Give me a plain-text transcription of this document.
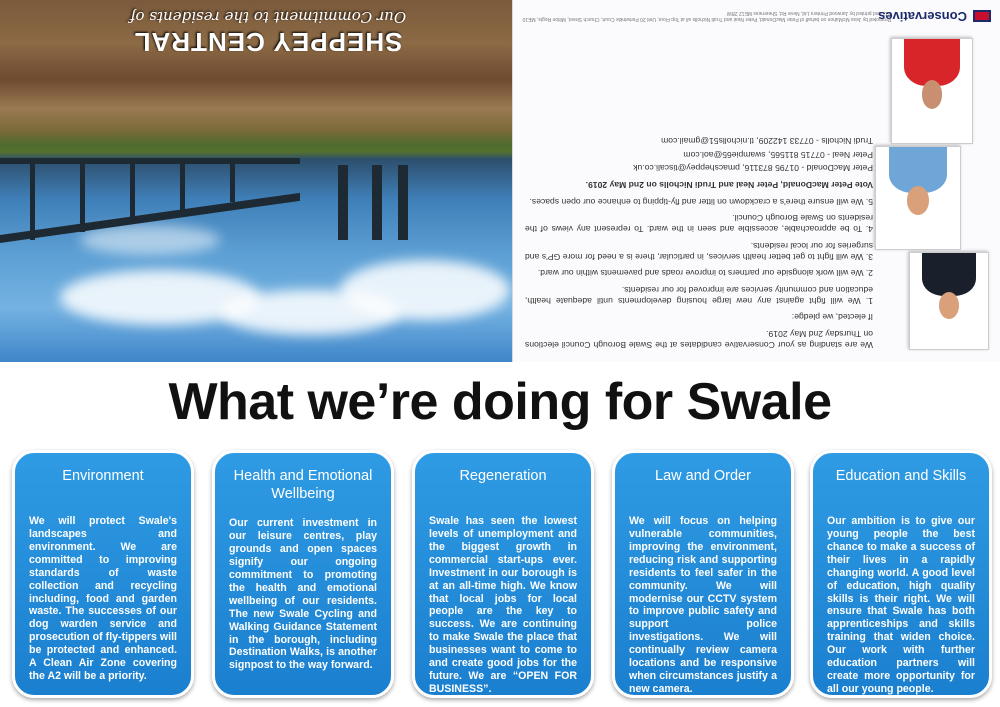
SHEPPEY CENTRAL
Our Commitment to the residents of

We are standing as your Conservative candidates at the Swale Borough Council elections on Thursday 2nd May 2019.

If elected, we pledge:

1. We will fight against any new large housing developments until adequate health, education and community services are improved for our residents.

2. We will work alongside our partners to improve roads and pavements within our ward.

3. We will fight to get better health services, in particular, there is a need for more GP's and surgeries for our local residents.

4. To be approachable, accessible and seen in the ward. To represent any views of the residents on Swale Borough Council.

5. We will ensure there's a crackdown on litter and fly-tipping to enhance our open spaces.

Vote Peter MacDonald, Peter Neal and Trudi Nicholls on 2nd May 2019.

Peter MacDonald - 01795 873116, pmacsheppey@tiscali.co.uk
Peter Neal - 07715 811565, swampie65@aol.com
Trudi Nicholls - 07733 142209, tl.nicholls51@gmail.com
Promoted by Jess McMahon on behalf of Peter MacDonald, Peter Neal and Trudi Nicholls all at Top Floor, Unit 20 Periwinkle Court, Church Street, Milton Regis, ME10 2JZ and printed by Jarwood Printers Ltd, Neve Rd, Sheerness ME12 2BW
Conservatives
What we’re doing for Swale
Environment

We will protect Swale's landscapes and environment. We are committed to improving standards of waste collection and recycling including, food and garden waste. The successes of our dog warden service and prosecution of fly-tippers will be protected and enhanced. A Clean Air Zone covering the A2 will be a priority.

Health and Emotional Wellbeing

Our current investment in our leisure centres, play grounds and open spaces signify our ongoing commitment to promoting the health and emotional wellbeing of our residents. The new Swale Cycling and Walking Guidance Statement in the borough, including Destination Walks, is another signpost to the way forward.

Regeneration

Swale has seen the lowest levels of unemployment and the biggest growth in commercial start-ups ever. Investment in our borough is at an all-time high. We know that local jobs for local people are the key to success. We are continuing to make Swale the place that businesses want to come to and create good jobs for the future. We are “OPEN FOR BUSINESS”.

Law and Order

We will focus on helping vulnerable communities, improving the environment, reducing risk and supporting residents to feel safer in the community. We will modernise our CCTV system to improve public safety and support police investigations. We will continually review camera locations and be responsive when circumstances justify a new camera.

Education and Skills

Our ambition is to give our young people the best chance to make a success of their lives in a rapidly changing world. A good level of education, high quality skills is their right. We will ensure that Swale has both apprenticeships and skills training that widen choice. Our work with further education partners will create more opportunity for all our young people.
